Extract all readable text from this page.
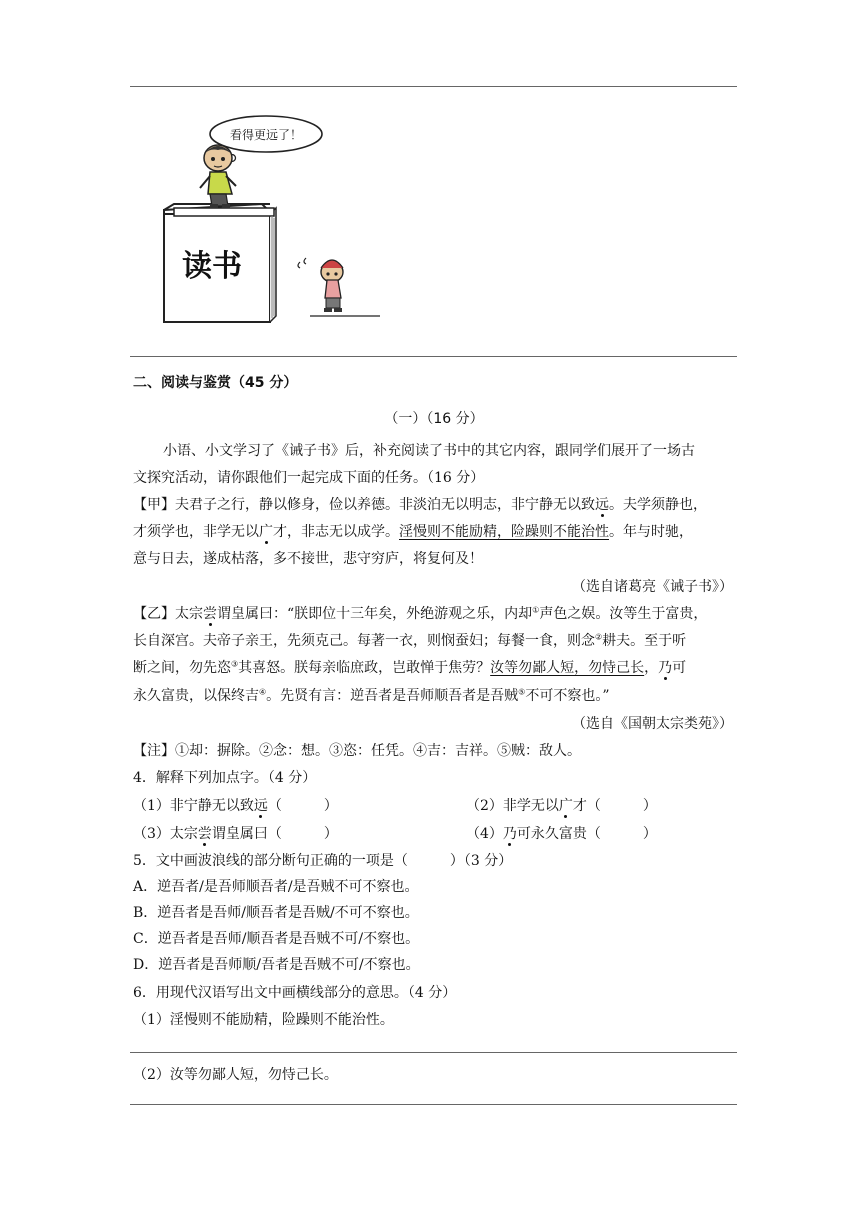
看得更远了！
读书
二、阅读与鉴赏（45 分）
（一）（16 分）
小语、小文学习了《诫子书》后，补充阅读了书中的其它内容，跟同学们展开了一场古
文探究活动，请你跟他们一起完成下面的任务。（16 分）
【甲】夫君子之行，静以修身，俭以养德。非淡泊无以明志，非宁静无以致远。夫学须静也，
才须学也，非学无以广才，非志无以成学。淫慢则不能励精，险躁则不能治性。年与时驰，
意与日去，遂成枯落，多不接世，悲守穷庐，将复何及！
（选自诸葛亮《诫子书》）
【乙】太宗尝谓皇属曰：“朕即位十三年矣，外绝游观之乐，内却①声色之娱。汝等生于富贵，
长自深宫。夫帝子亲王，先须克己。每著一衣，则悯蚕妇；每餐一食，则念②耕夫。至于听
断之间，勿先恣③其喜怒。朕每亲临庶政，岂敢惮于焦劳？汝等勿鄙人短，勿恃己长，乃可
永久富贵，以保终吉④。先贤有言：逆吾者是吾师顺吾者是吾贼⑤不可不察也。”
（选自《国朝太宗类苑》）
【注】①却：摒除。②念：想。③恣：任凭。④吉：吉祥。⑤贼：敌人。
4．解释下列加点字。（4 分）
（1）非宁静无以致远（　　　）	（2）非学无以广才（　　　）
（3）太宗尝谓皇属曰（　　　）	（4）乃可永久富贵（　　　）
5．文中画波浪线的部分断句正确的一项是（　　　）（3 分）
A．逆吾者/是吾师顺吾者/是吾贼不可不察也。
B．逆吾者是吾师/顺吾者是吾贼/不可不察也。
C．逆吾者是吾师/顺吾者是吾贼不可/不察也。
D．逆吾者是吾师顺/吾者是吾贼不可/不察也。
6．用现代汉语写出文中画横线部分的意思。（4 分）
（1）淫慢则不能励精，险躁则不能治性。
（2）汝等勿鄙人短，勿恃己长。
